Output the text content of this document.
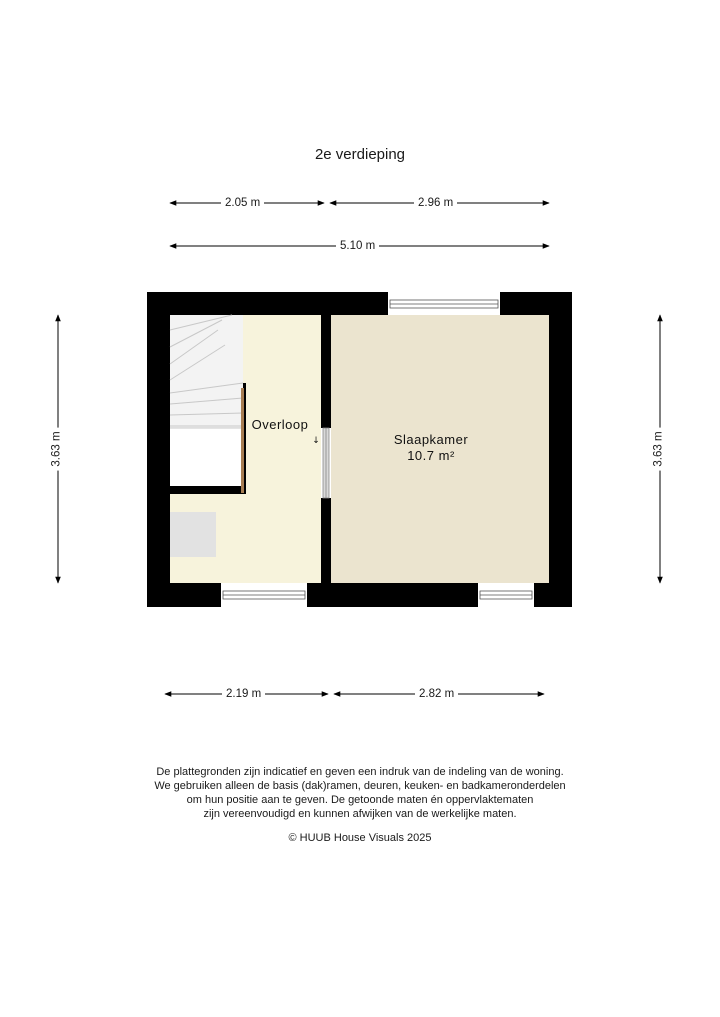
2e verdieping
Overloop
↓	Slaapkamer
10.7 m²
2.05 m	2.96 m
5.10 m
3.63 m	3.63 m
2.19 m	2.82 m
De plattegronden zijn indicatief en geven een indruk van de indeling van de woning.
We gebruiken alleen de basis (dak)ramen, deuren, keuken- en badkameronderdelen
om hun positie aan te geven. De getoonde maten én oppervlaktematen
zijn vereenvoudigd en kunnen afwijken van de werkelijke maten.
© HUUB House Visuals 2025
